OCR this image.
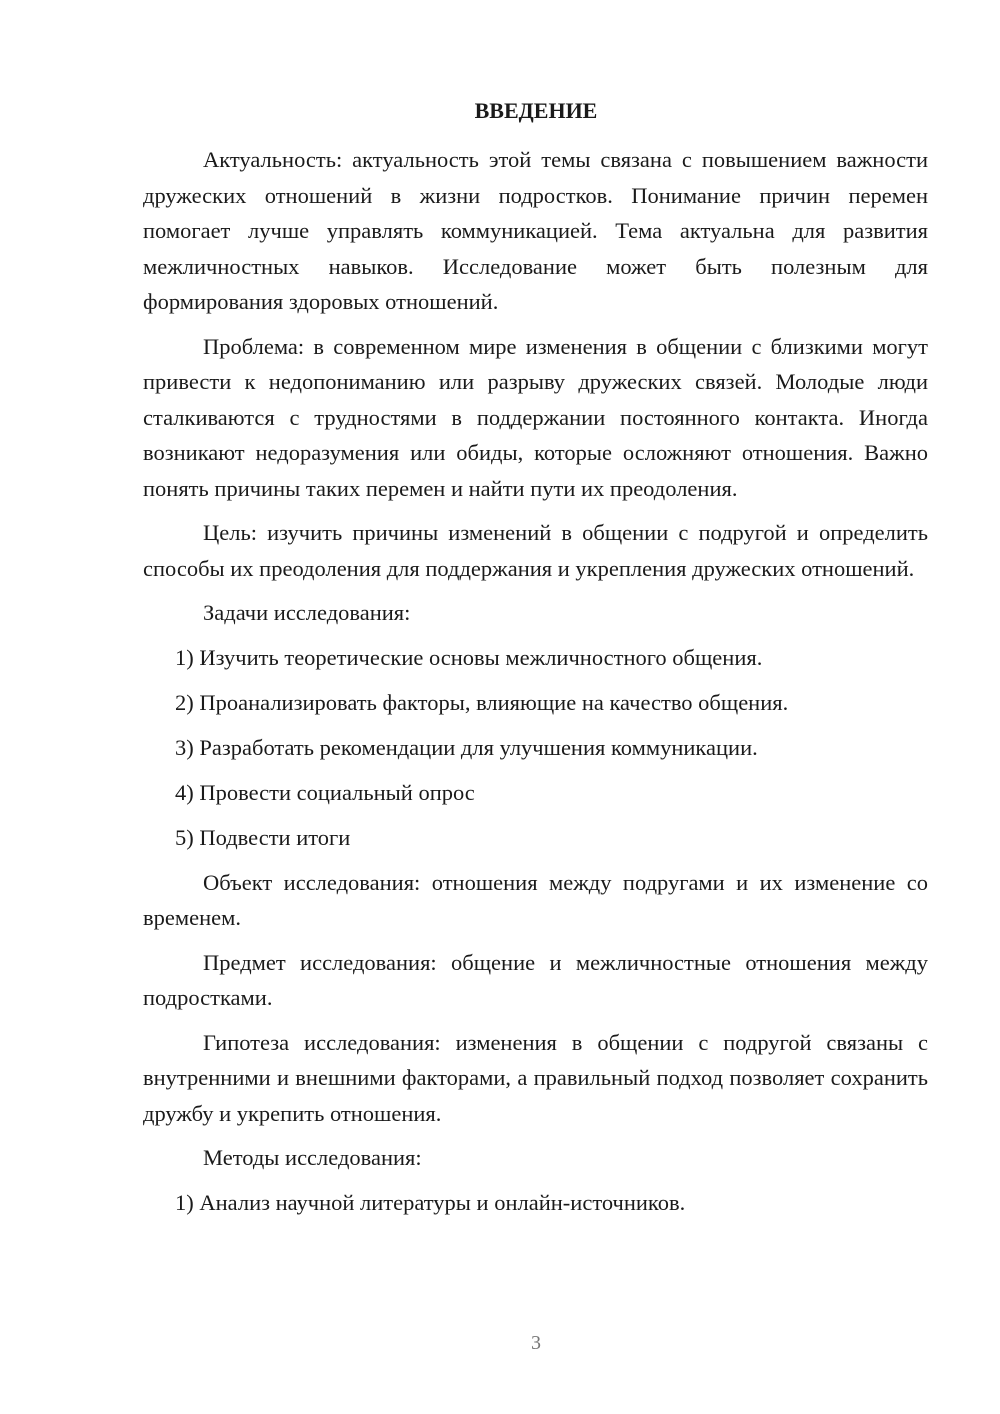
ВВЕДЕНИЕ

Актуальность: актуальность этой темы связана с повышением важности дружеских отношений в жизни подростков. Понимание причин перемен помогает лучше управлять коммуникацией. Тема актуальна для развития межличностных навыков. Исследование может быть полезным для формирования здоровых отношений.

Проблема: в современном мире изменения в общении с близкими могут привести к недопониманию или разрыву дружеских связей. Молодые люди сталкиваются с трудностями в поддержании постоянного контакта. Иногда возникают недоразумения или обиды, которые осложняют отношения. Важно понять причины таких перемен и найти пути их преодоления.

Цель: изучить причины изменений в общении с подругой и определить способы их преодоления для поддержания и укрепления дружеских отношений.

Задачи исследования:

1) Изучить теоретические основы межличностного общения.

2) Проанализировать факторы, влияющие на качество общения.

3) Разработать рекомендации для улучшения коммуникации.

4) Провести социальный опрос

5) Подвести итоги

Объект исследования: отношения между подругами и их изменение со временем.

Предмет исследования: общение и межличностные отношения между подростками.

Гипотеза исследования: изменения в общении с подругой связаны с внутренними и внешними факторами, а правильный подход позволяет сохранить дружбу и укрепить отношения.

Методы исследования:

1) Анализ научной литературы и онлайн-источников.

3
